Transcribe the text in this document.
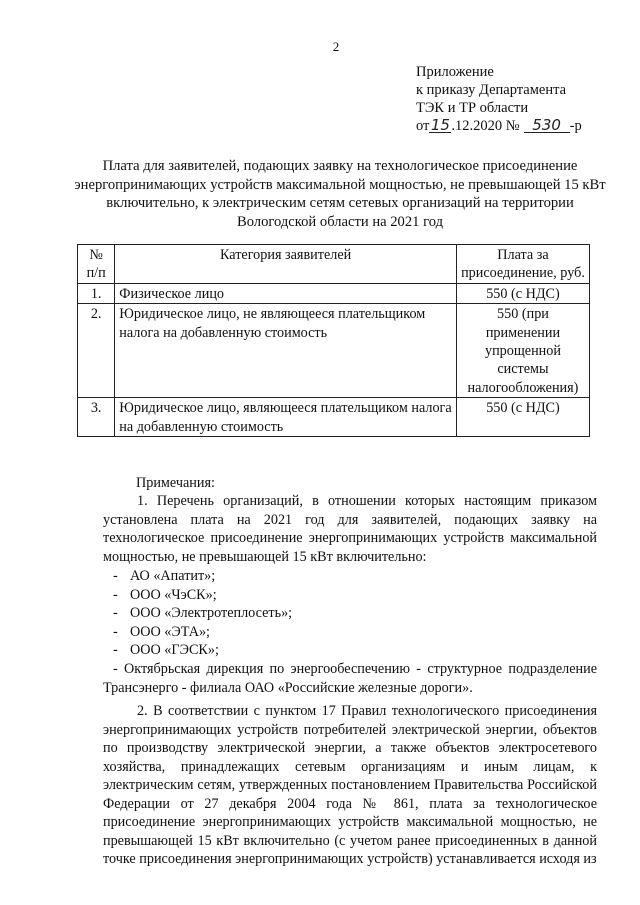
2
Приложение
к приказу Департамента
ТЭК и ТР области
от15.12.2020 № 530 -р
Плата для заявителей, подающих заявку на технологическое присоединение энергопринимающих устройств максимальной мощностью, не превышающей 15 кВт включительно, к электрическим сетям сетевых организаций на территории Вологодской области на 2021 год
№ п/п	Категория заявителей	Плата за присоединение, руб.
1.	Физическое лицо	550 (с НДС)
2.	Юридическое лицо, не являющееся плательщиком налога на добавленную стоимость	550 (при применении упрощенной системы налогообложения)
3.	Юридическое лицо, являющееся плательщиком налога на добавленную стоимость	550 (с НДС)
Примечания:

1. Перечень организаций, в отношении которых настоящим приказом установлена плата на 2021 год для заявителей, подающих заявку на технологическое присоединение энергопринимающих устройств максимальной мощностью, не превышающей 15 кВт включительно:

- АО «Апатит»;
- ООО «ЧэСК»;
- ООО «Электротеплосеть»;
- ООО «ЭТА»;
- ООО «ГЭСК»;

- Октябрьская дирекция по энергообеспечению - структурное подразделение Трансэнерго - филиала ОАО «Российские железные дороги».

2. В соответствии с пунктом 17 Правил технологического присоединения энергопринимающих устройств потребителей электрической энергии, объектов по производству электрической энергии, а также объектов электросетевого хозяйства, принадлежащих сетевым организациям и иным лицам, к электрическим сетям, утвержденных постановлением Правительства Российской Федерации от 27 декабря 2004 года № 861, плата за технологическое присоединение энергопринимающих устройств максимальной мощностью, не превышающей 15 кВт включительно (с учетом ранее присоединенных в данной точке присоединения энергопринимающих устройств) устанавливается исходя из
